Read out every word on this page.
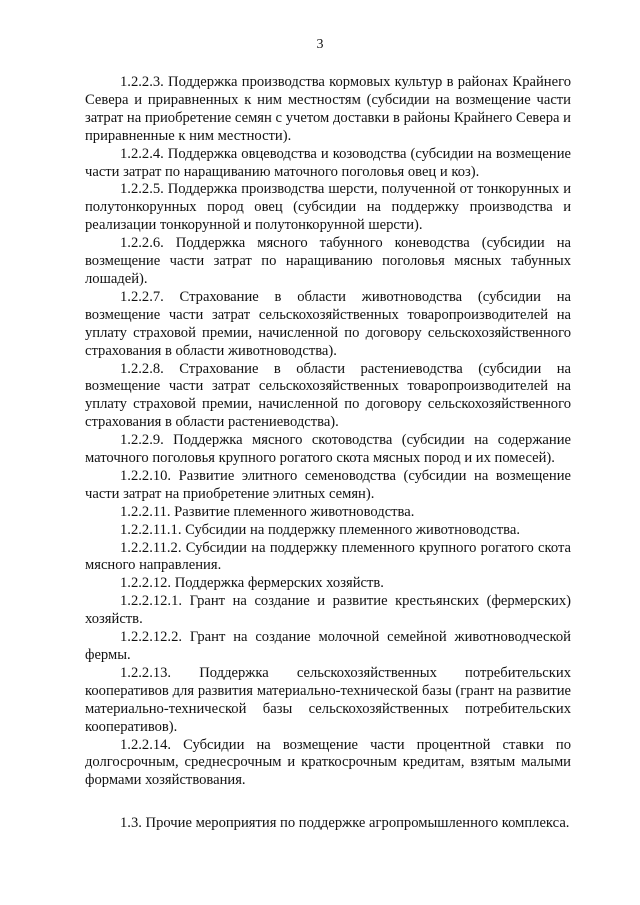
3

1.2.2.3. Поддержка производства кормовых культур в районах Крайнего Севера и приравненных к ним местностям (субсидии на возмещение части затрат на приобретение семян с учетом доставки в районы Крайнего Севера и приравненные к ним местности).

1.2.2.4. Поддержка овцеводства и козоводства (субсидии на возмещение части затрат по наращиванию маточного поголовья овец и коз).

1.2.2.5. Поддержка производства шерсти, полученной от тонкорунных и полутонкорунных пород овец (субсидии на поддержку производства и реализации тонкорунной и полутонкорунной шерсти).

1.2.2.6. Поддержка мясного табунного коневодства (субсидии на возмещение части затрат по наращиванию поголовья мясных табунных лошадей).

1.2.2.7. Страхование в области животноводства (субсидии на возмещение части затрат сельскохозяйственных товаропроизводителей на уплату страховой премии, начисленной по договору сельскохозяйственного страхования в области животноводства).

1.2.2.8. Страхование в области растениеводства (субсидии на возмещение части затрат сельскохозяйственных товаропроизводителей на уплату страховой премии, начисленной по договору сельскохозяйственного страхования в области растениеводства).

1.2.2.9. Поддержка мясного скотоводства (субсидии на содержание маточного поголовья крупного рогатого скота мясных пород и их помесей).

1.2.2.10. Развитие элитного семеноводства (субсидии на возмещение части затрат на приобретение элитных семян).

1.2.2.11. Развитие племенного животноводства.

1.2.2.11.1. Субсидии на поддержку племенного животноводства.

1.2.2.11.2. Субсидии на поддержку племенного крупного рогатого скота мясного направления.

1.2.2.12. Поддержка фермерских хозяйств.

1.2.2.12.1. Грант на создание и развитие крестьянских (фермерских) хозяйств.

1.2.2.12.2. Грант на создание молочной семейной животноводческой фермы.

1.2.2.13. Поддержка сельскохозяйственных потребительских кооперативов для развития материально-технической базы (грант на развитие материально-технической базы сельскохозяйственных потребительских кооперативов).

1.2.2.14. Субсидии на возмещение части процентной ставки по долгосрочным, среднесрочным и краткосрочным кредитам, взятым малыми формами хозяйствования.

1.3. Прочие мероприятия по поддержке агропромышленного комплекса.
